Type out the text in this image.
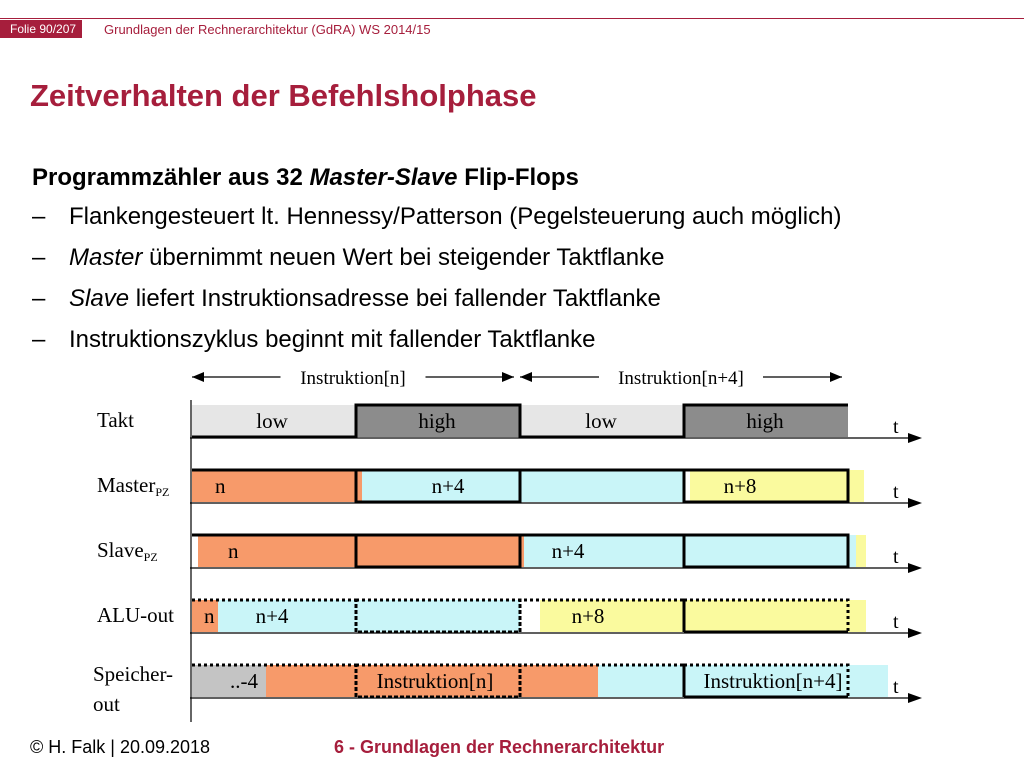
Folie 90/207	Grundlagen der Rechnerarchitektur (GdRA) WS 2014/15
Zeitverhalten der Befehlsholphase
Programmzähler aus 32 Master-Slave Flip-Flops
– Flankengesteuert lt. Hennessy/Patterson (Pegelsteuerung auch möglich)
– Master übernimmt neuen Wert bei steigender Taktflanke
– Slave liefert Instruktionsadresse bei fallender Taktflanke
– Instruktionszyklus beginnt mit fallender Taktflanke
Instruktion[n]	Instruktion[n+4]
t
Takt	low	high	low	high
t
MasterPZ n	n+4	n+8
t
SlavePZ	n	n+4
t
ALU-out n n+4	n+8
t
Speicher-
out
..-4	Instruktion[n]	Instruktion[n+4]
© H. Falk | 20.09.2018	6 - Grundlagen der Rechnerarchitektur
